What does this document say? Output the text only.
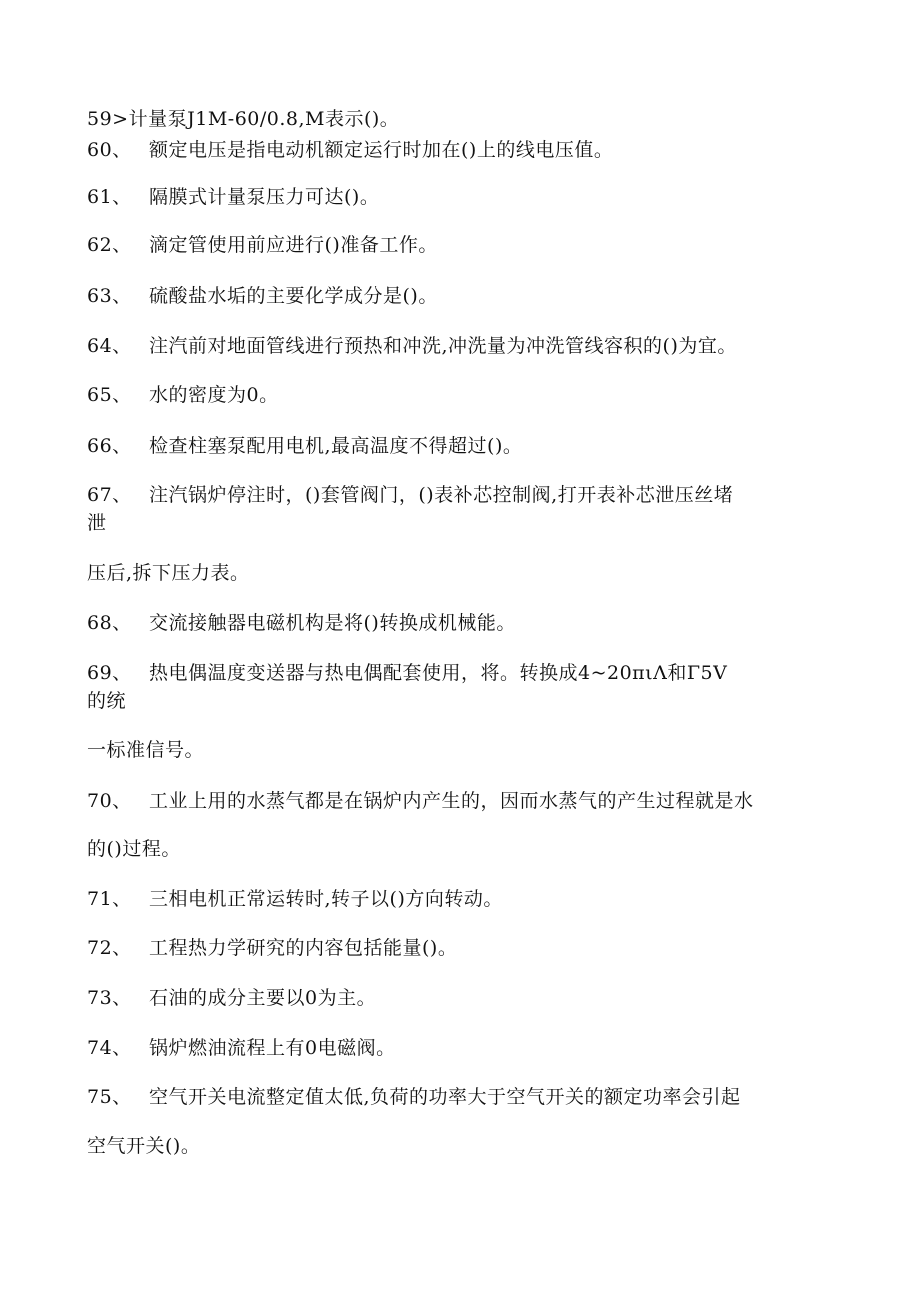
59>计量泵J1M-60/0.8,M表示()。
60、 额定电压是指电动机额定运行时加在()上的线电压值。
61、 隔膜式计量泵压力可达()。
62、 滴定管使用前应进行()准备工作。
63、 硫酸盐水垢的主要化学成分是()。
64、 注汽前对地面管线进行预热和冲洗,冲洗量为冲洗管线容积的()为宜。
65、 水的密度为0。
66、 检查柱塞泵配用电机,最高温度不得超过()。
67、 注汽锅炉停注时，()套管阀门，()表补芯控制阀,打开表补芯泄压丝堵
泄
压后,拆下压力表。
68、 交流接触器电磁机构是将()转换成机械能。
69、 热电偶温度变送器与热电偶配套使用，将。转换成4~20πιΛ和Γ5V
的统
一标准信号。
70、 工业上用的水蒸气都是在锅炉内产生的，因而水蒸气的产生过程就是水
的()过程。
71、 三相电机正常运转时,转子以()方向转动。
72、 工程热力学研究的内容包括能量()。
73、 石油的成分主要以0为主。
74、 锅炉燃油流程上有0电磁阀。
75、 空气开关电流整定值太低,负荷的功率大于空气开关的额定功率会引起
空气开关()。
